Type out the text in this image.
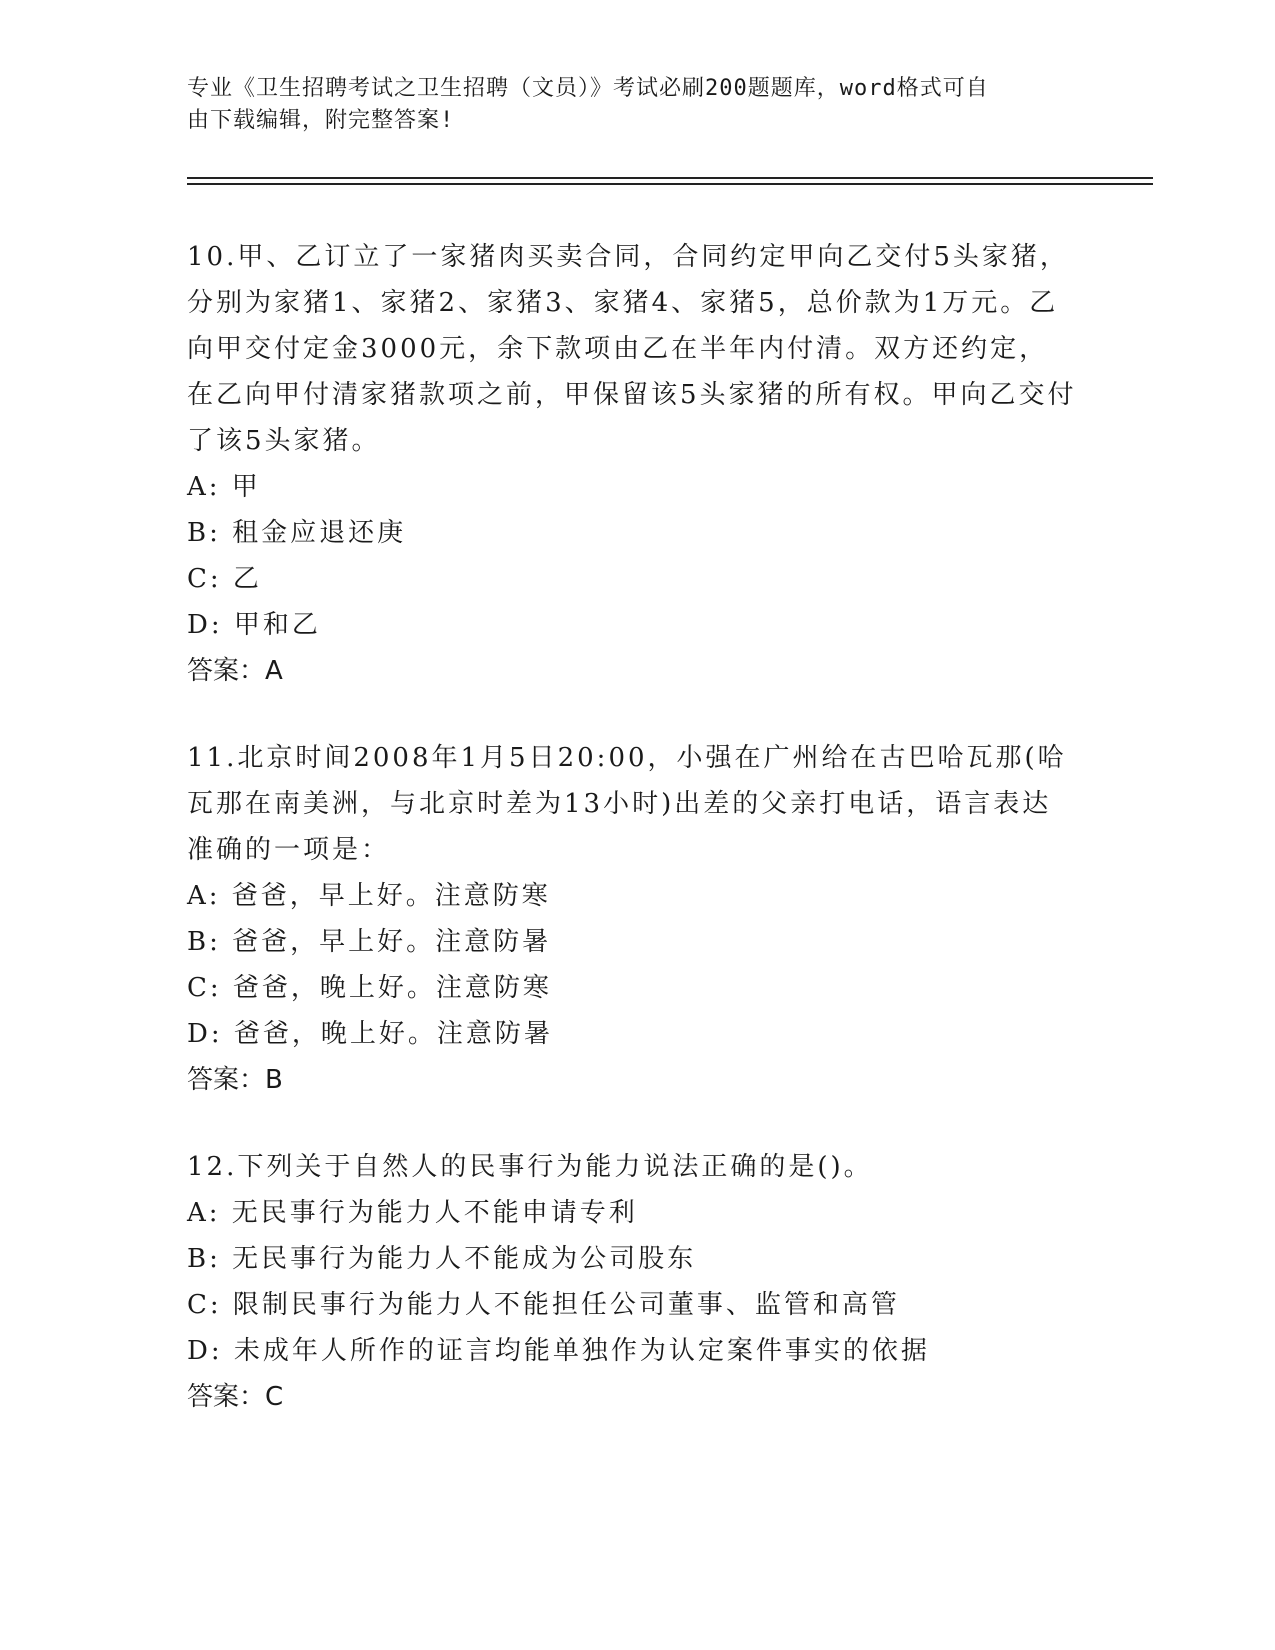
专业《卫生招聘考试之卫生招聘（文员）》考试必刷200题题库，word格式可自
由下载编辑，附完整答案!

10.甲、乙订立了一家猪肉买卖合同，合同约定甲向乙交付5头家猪，分别为家猪1、家猪2、家猪3、家猪4、家猪5，总价款为1万元。乙向甲交付定金3000元，余下款项由乙在半年内付清。双方还约定，在乙向甲付清家猪款项之前，甲保留该5头家猪的所有权。甲向乙交付了该5头家猪。

A: 甲

B: 租金应退还庚

C: 乙

D: 甲和乙

答案：A

11.北京时间2008年1月5日20:00，小强在广州给在古巴哈瓦那(哈瓦那在南美洲，与北京时差为13小时)出差的父亲打电话，语言表达准确的一项是：

A: 爸爸，早上好。注意防寒

B: 爸爸，早上好。注意防暑

C: 爸爸，晚上好。注意防寒

D: 爸爸，晚上好。注意防暑

答案：B

12.下列关于自然人的民事行为能力说法正确的是()。

A: 无民事行为能力人不能申请专利

B: 无民事行为能力人不能成为公司股东

C: 限制民事行为能力人不能担任公司董事、监管和高管

D: 未成年人所作的证言均能单独作为认定案件事实的依据

答案：C
